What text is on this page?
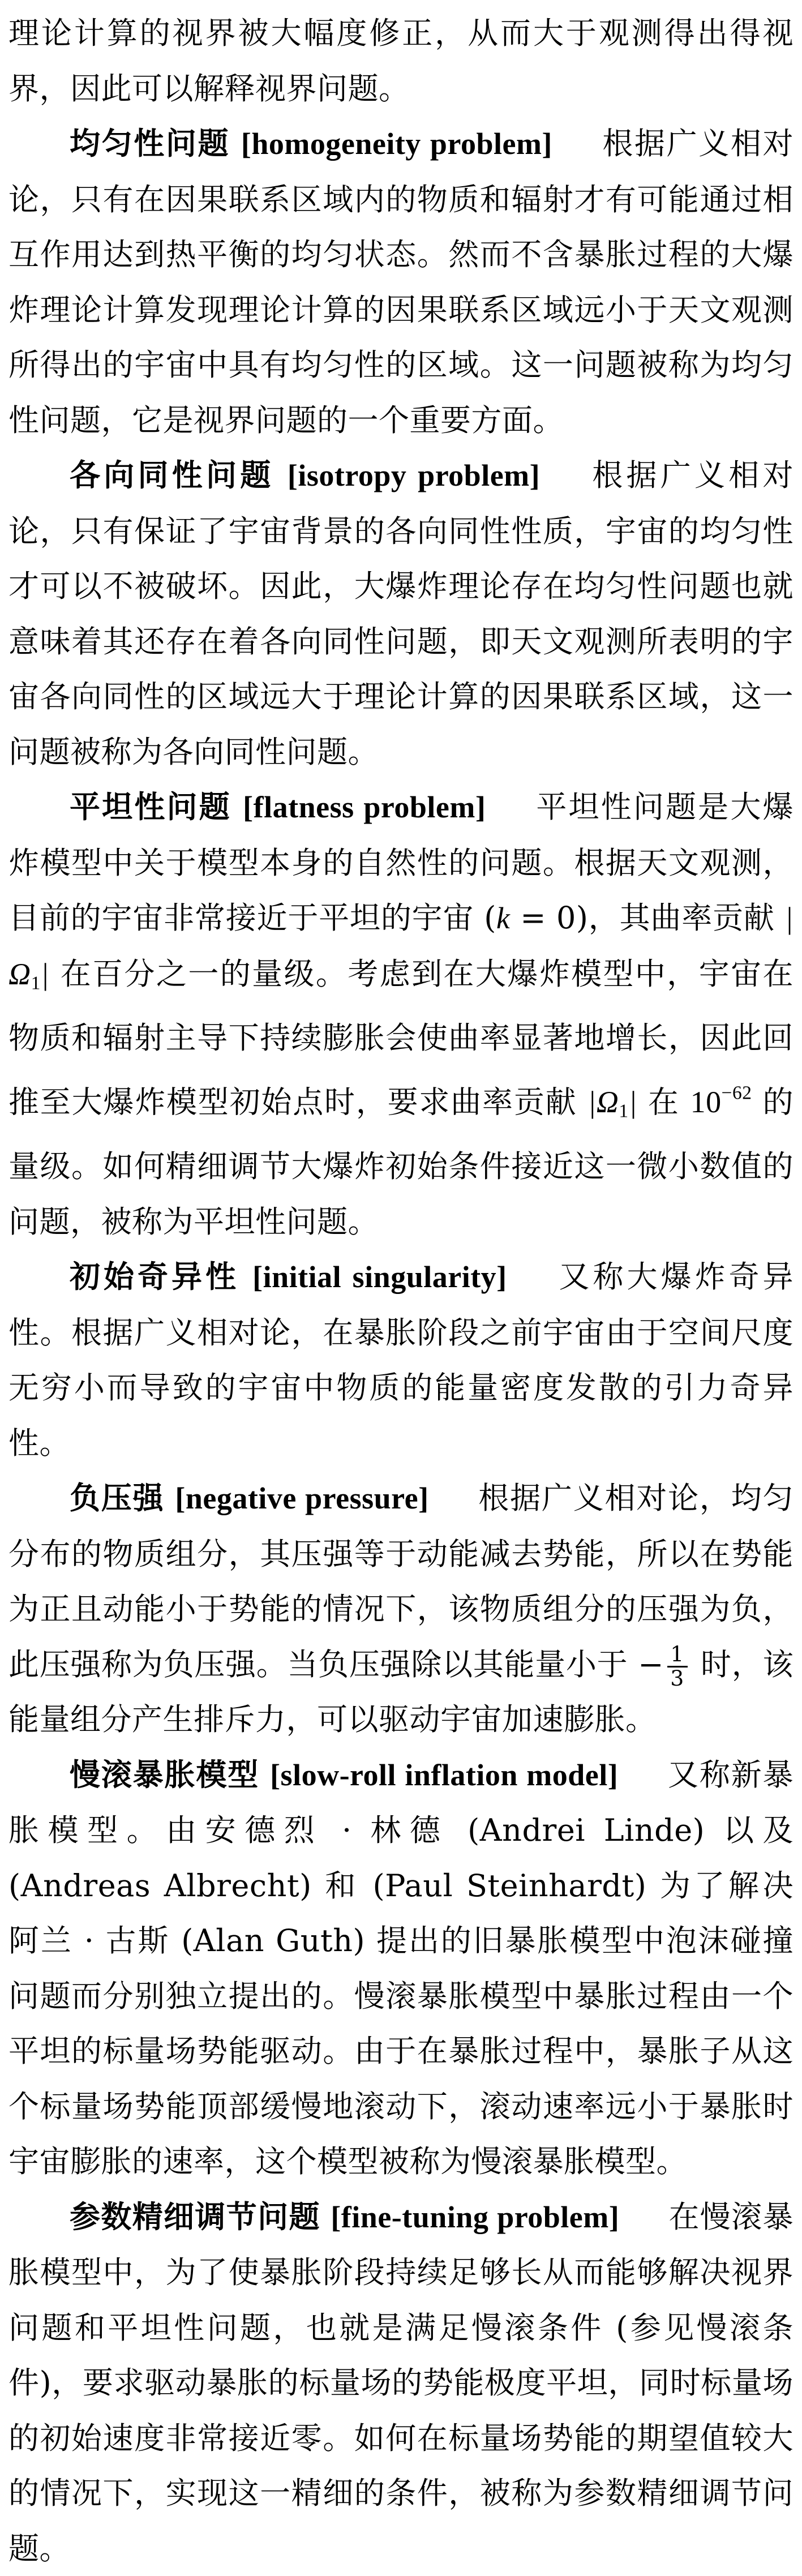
理论计算的视界被大幅度修正，从而大于观测得出得视界，因此可以解释视界问题。

均匀性问题 [homogeneity problem] 根据广义相对论，只有在因果联系区域内的物质和辐射才有可能通过相互作用达到热平衡的均匀状态。然而不含暴胀过程的大爆炸理论计算发现理论计算的因果联系区域远小于天文观测所得出的宇宙中具有均匀性的区域。这一问题被称为均匀性问题，它是视界问题的一个重要方面。

各向同性问题 [isotropy problem] 根据广义相对论，只有保证了宇宙背景的各向同性性质，宇宙的均匀性才可以不被破坏。因此，大爆炸理论存在均匀性问题也就意味着其还存在着各向同性问题，即天文观测所表明的宇宙各向同性的区域远大于理论计算的因果联系区域，这一问题被称为各向同性问题。

平坦性问题 [flatness problem] 平坦性问题是大爆炸模型中关于模型本身的自然性的问题。根据天文观测，目前的宇宙非常接近于平坦的宇宙 (k = 0)，其曲率贡献 $|\Omega_1|$ 在百分之一的量级。考虑到在大爆炸模型中，宇宙在物质和辐射主导下持续膨胀会使曲率显著地增长，因此回推至大爆炸模型初始点时，要求曲率贡献 $|\Omega_1|$ 在 $10^{-62}$ 的量级。如何精细调节大爆炸初始条件接近这一微小数值的问题，被称为平坦性问题。

初始奇异性 [initial singularity] 又称大爆炸奇异性。根据广义相对论，在暴胀阶段之前宇宙由于空间尺度无穷小而导致的宇宙中物质的能量密度发散的引力奇异性。

负压强 [negative pressure] 根据广义相对论，均匀分布的物质组分，其压强等于动能减去势能，所以在势能为正且动能小于势能的情况下，该物质组分的压强为负，此压强称为负压强。当负压强除以其能量小于 − $\frac{1}{3}$ 时，该能量组分产生排斥力，可以驱动宇宙加速膨胀。

慢滚暴胀模型 [slow-roll inflation model] 又称新暴胀模型。由安德烈 · 林德 (Andrei Linde) 以及 (Andreas Albrecht) 和 (Paul Steinhardt) 为了解决阿兰 · 古斯 (Alan Guth) 提出的旧暴胀模型中泡沫碰撞问题而分别独立提出的。慢滚暴胀模型中暴胀过程由一个平坦的标量场势能驱动。由于在暴胀过程中，暴胀子从这个标量场势能顶部缓慢地滚动下，滚动速率远小于暴胀时宇宙膨胀的速率，这个模型被称为慢滚暴胀模型。

参数精细调节问题 [fine-tuning problem] 在慢滚暴胀模型中，为了使暴胀阶段持续足够长从而能够解决视界问题和平坦性问题，也就是满足慢滚条件 (参见慢滚条件)，要求驱动暴胀的标量场的势能极度平坦，同时标量场的初始速度非常接近零。如何在标量场势能的期望值较大的情况下，实现这一精细的条件，被称为参数精细调节问题。
